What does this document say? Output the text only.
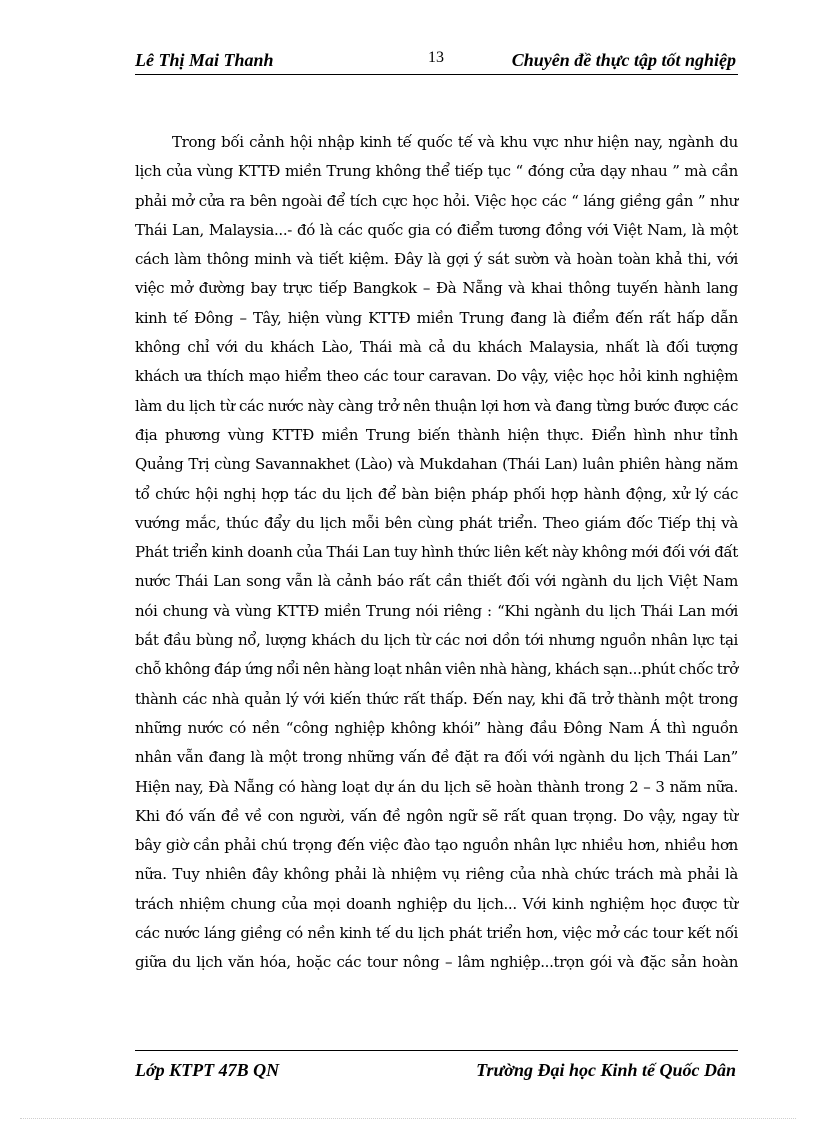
Lê Thị Mai Thanh	13	Chuyên đề thực tập tốt nghiệp
Trong bối cảnh hội nhập kinh tế quốc tế và khu vực như hiện nay, ngành du
lịch của vùng KTTĐ miền Trung không thể tiếp tục “ đóng cửa dạy nhau ” mà cần
phải mở cửa ra bên ngoài để tích cực học hỏi. Việc học các “ láng giềng gần ” như
Thái Lan, Malaysia...- đó là các quốc gia có điểm tương đồng với Việt Nam, là một
cách làm thông minh và tiết kiệm. Đây là gợi ý sát sườn và hoàn toàn khả thi, với
việc mở đường bay trực tiếp Bangkok – Đà Nẵng và khai thông tuyến hành lang
kinh tế Đông – Tây, hiện vùng KTTĐ miền Trung đang là điểm đến rất hấp dẫn
không chỉ với du khách Lào, Thái mà cả du khách Malaysia, nhất là đối tượng
khách ưa thích mạo hiểm theo các tour caravan. Do vậy, việc học hỏi kinh nghiệm
làm du lịch từ các nước này càng trở nên thuận lợi hơn và đang từng bước được các
địa phương vùng KTTĐ miền Trung biến thành hiện thực. Điển hình như tỉnh
Quảng Trị cùng Savannakhet (Lào) và Mukdahan (Thái Lan) luân phiên hàng năm
tổ chức hội nghị hợp tác du lịch để bàn biện pháp phối hợp hành động, xử lý các
vướng mắc, thúc đẩy du lịch mỗi bên cùng phát triển. Theo giám đốc Tiếp thị và
Phát triển kinh doanh của Thái Lan tuy hình thức liên kết này không mới đối với đất
nước Thái Lan song vẫn là cảnh báo rất cần thiết đối với ngành du lịch Việt Nam
nói chung và vùng KTTĐ miền Trung nói riêng : “Khi ngành du lịch Thái Lan mới
bắt đầu bùng nổ, lượng khách du lịch từ các nơi dồn tới nhưng nguồn nhân lực tại
chỗ không đáp ứng nổi nên hàng loạt nhân viên nhà hàng, khách sạn...phút chốc trở
thành các nhà quản lý với kiến thức rất thấp. Đến nay, khi đã trở thành một trong
những nước có nền “công nghiệp không khói” hàng đầu Đông Nam Á thì nguồn
nhân vẫn đang là một trong những vấn đề đặt ra đối với ngành du lịch Thái Lan”
Hiện nay, Đà Nẵng có hàng loạt dự án du lịch sẽ hoàn thành trong 2 – 3 năm nữa.
Khi đó vấn đề về con người, vấn đề ngôn ngữ sẽ rất quan trọng. Do vậy, ngay từ
bây giờ cần phải chú trọng đến việc đào tạo nguồn nhân lực nhiều hơn, nhiều hơn
nữa. Tuy nhiên đây không phải là nhiệm vụ riêng của nhà chức trách mà phải là
trách nhiệm chung của mọi doanh nghiệp du lịch... Với kinh nghiệm học được từ
các nước láng giềng có nền kinh tế du lịch phát triển hơn, việc mở các tour kết nối
giữa du lịch văn hóa, hoặc các tour nông – lâm nghiệp...trọn gói và đặc sản hoàn
Lớp KTPT 47B QN	Trường Đại học Kinh tế Quốc Dân
